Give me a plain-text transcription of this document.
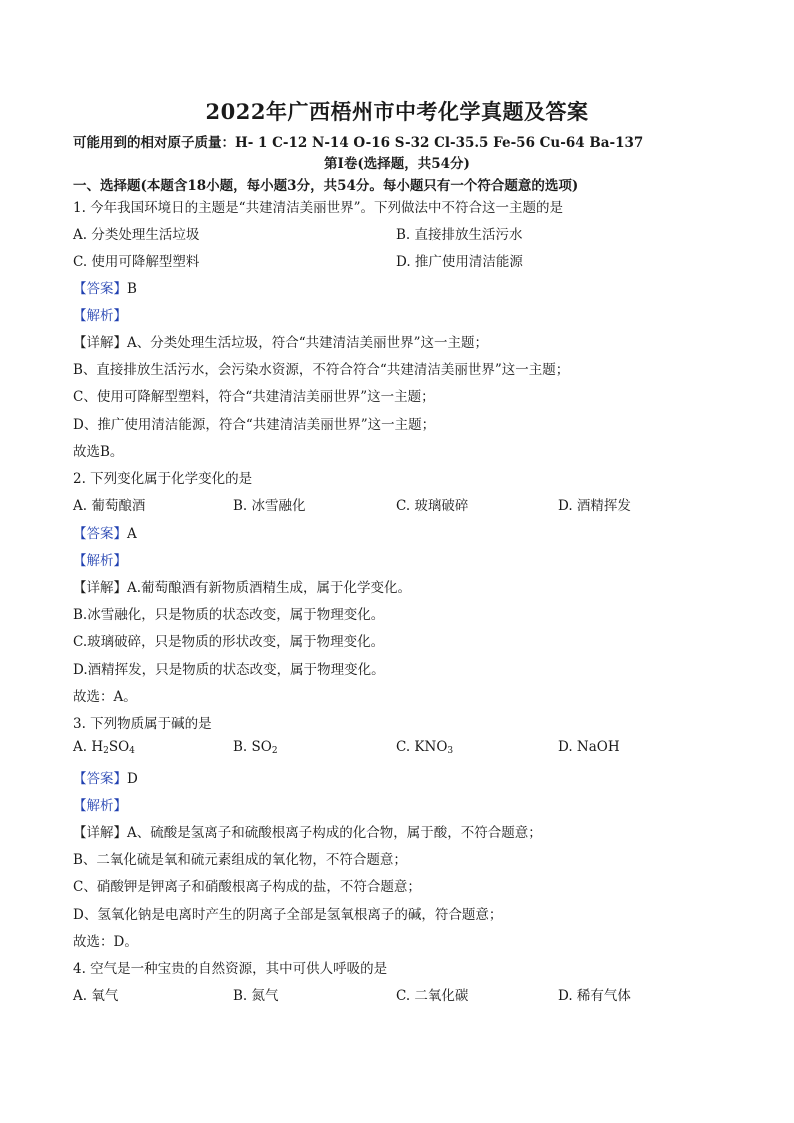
2022年广西梧州市中考化学真题及答案
可能用到的相对原子质量：H- 1 C-12 N-14 O-16 S-32 Cl-35.5 Fe-56 Cu-64 Ba-137
第Ⅰ卷(选择题，共54分)
一、选择题(本题含18小题，每小题3分，共54分。每小题只有一个符合题意的选项)
1. 今年我国环境日的主题是“共建清洁美丽世界”。下列做法中不符合这一主题的是
A. 分类处理生活垃圾	B. 直接排放生活污水
C. 使用可降解型塑料	D. 推广使用清洁能源
【答案】B
【解析】
【详解】A、分类处理生活垃圾，符合“共建清洁美丽世界”这一主题；
B、直接排放生活污水，会污染水资源，不符合符合“共建清洁美丽世界”这一主题；
C、使用可降解型塑料，符合“共建清洁美丽世界”这一主题；
D、推广使用清洁能源，符合“共建清洁美丽世界”这一主题；
故选B。
2. 下列变化属于化学变化的是
A. 葡萄酿酒	B. 冰雪融化	C. 玻璃破碎	D. 酒精挥发
【答案】A
【解析】
【详解】A.葡萄酿酒有新物质酒精生成，属于化学变化。
B.冰雪融化，只是物质的状态改变，属于物理变化。
C.玻璃破碎，只是物质的形状改变，属于物理变化。
D.酒精挥发，只是物质的状态改变，属于物理变化。
故选：A。
3. 下列物质属于碱的是
A. $H_2SO_4$	B. $SO_2$	C. $KNO_3$	D. NaOH
【答案】D
【解析】
【详解】A、硫酸是氢离子和硫酸根离子构成的化合物，属于酸，不符合题意；
B、二氧化硫是氧和硫元素组成的氧化物，不符合题意；
C、硝酸钾是钾离子和硝酸根离子构成的盐，不符合题意；
D、氢氧化钠是电离时产生的阴离子全部是氢氧根离子的碱，符合题意；
故选：D。
4. 空气是一种宝贵的自然资源，其中可供人呼吸的是
A. 氧气	B. 氮气	C. 二氧化碳	D. 稀有气体
